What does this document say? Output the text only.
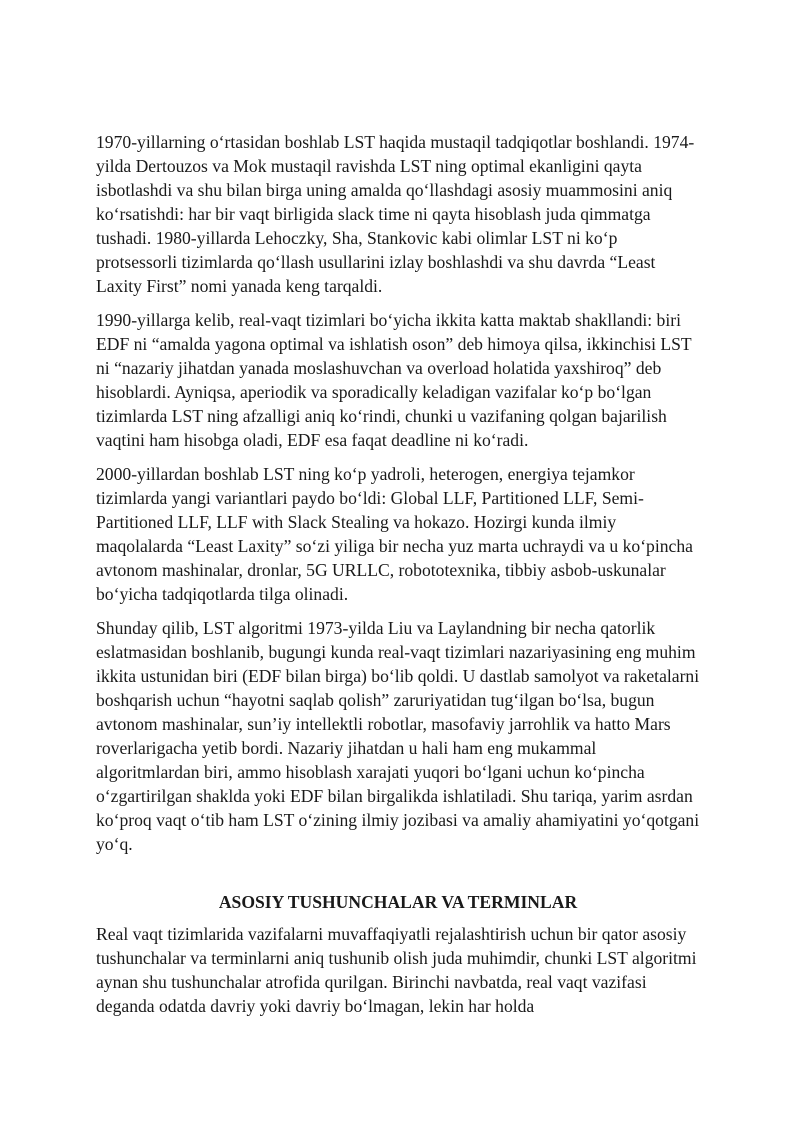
1970-yillarning o‘rtasidan boshlab LST haqida mustaqil tadqiqotlar boshlandi. 1974-yilda Dertouzos va Mok mustaqil ravishda LST ning optimal ekanligini qayta isbotlashdi va shu bilan birga uning amalda qo‘llashdagi asosiy muammosini aniq ko‘rsatishdi: har bir vaqt birligida slack time ni qayta hisoblash juda qimmatga tushadi. 1980-yillarda Lehoczky, Sha, Stankovic kabi olimlar LST ni ko‘p protsessorli tizimlarda qo‘llash usullarini izlay boshlashdi va shu davrda “Least Laxity First” nomi yanada keng tarqaldi.

1990-yillarga kelib, real-vaqt tizimlari bo‘yicha ikkita katta maktab shakllandi: biri EDF ni “amalda yagona optimal va ishlatish oson” deb himoya qilsa, ikkinchisi LST ni “nazariy jihatdan yanada moslashuvchan va overload holatida yaxshiroq” deb hisoblardi. Ayniqsa, aperiodik va sporadically keladigan vazifalar ko‘p bo‘lgan tizimlarda LST ning afzalligi aniq ko‘rindi, chunki u vazifaning qolgan bajarilish vaqtini ham hisobga oladi, EDF esa faqat deadline ni ko‘radi.

2000-yillardan boshlab LST ning ko‘p yadroli, heterogen, energiya tejamkor tizimlarda yangi variantlari paydo bo‘ldi: Global LLF, Partitioned LLF, Semi-Partitioned LLF, LLF with Slack Stealing va hokazo. Hozirgi kunda ilmiy maqolalarda “Least Laxity” so‘zi yiliga bir necha yuz marta uchraydi va u ko‘pincha avtonom mashinalar, dronlar, 5G URLLC, robototexnika, tibbiy asbob-uskunalar bo‘yicha tadqiqotlarda tilga olinadi.

Shunday qilib, LST algoritmi 1973-yilda Liu va Laylandning bir necha qatorlik eslatmasidan boshlanib, bugungi kunda real-vaqt tizimlari nazariyasining eng muhim ikkita ustunidan biri (EDF bilan birga) bo‘lib qoldi. U dastlab samolyot va raketalarni boshqarish uchun “hayotni saqlab qolish” zaruriyatidan tug‘ilgan bo‘lsa, bugun avtonom mashinalar, sun’iy intellektli robotlar, masofaviy jarrohlik va hatto Mars roverlarigacha yetib bordi. Nazariy jihatdan u hali ham eng mukammal algoritmlardan biri, ammo hisoblash xarajati yuqori bo‘lgani uchun ko‘pincha o‘zgartirilgan shaklda yoki EDF bilan birgalikda ishlatiladi. Shu tariqa, yarim asrdan ko‘proq vaqt o‘tib ham LST o‘zining ilmiy jozibasi va amaliy ahamiyatini yo‘qotgani yo‘q.

ASOSIY TUSHUNCHALAR VA TERMINLAR

Real vaqt tizimlarida vazifalarni muvaffaqiyatli rejalashtirish uchun bir qator asosiy tushunchalar va terminlarni aniq tushunib olish juda muhimdir, chunki LST algoritmi aynan shu tushunchalar atrofida qurilgan. Birinchi navbatda, real vaqt vazifasi deganda odatda davriy yoki davriy bo‘lmagan, lekin har holda
